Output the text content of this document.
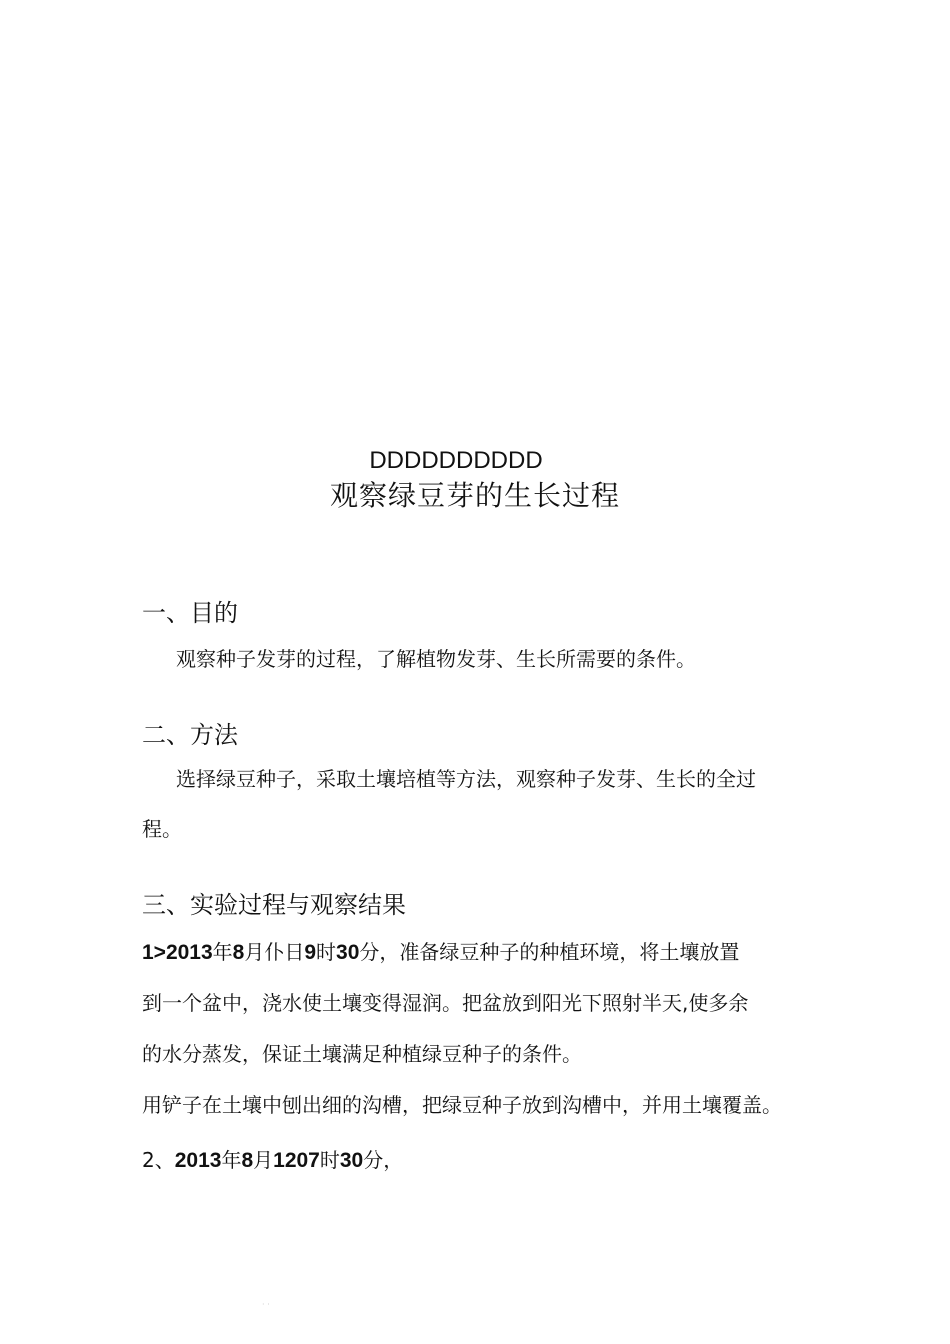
DDDDDDDDDD
观察绿豆芽的生长过程
一、目的
观察种子发芽的过程，了解植物发芽、生长所需要的条件。
二、方法
选择绿豆种子，采取土壤培植等方法，观察种子发芽、生长的全过
程。
三、实验过程与观察结果
1>2013年8月仆日9时30分，准备绿豆种子的种植环境，将土壤放置
到一个盆中，浇水使土壤变得湿润。把盆放到阳光下照射半天,使多余
的水分蒸发，保证土壤满足种植绿豆种子的条件。
用铲子在土壤中刨出细的沟槽，把绿豆种子放到沟槽中，并用土壤覆盖。
2、2013年8月1207时30分，
· ·
